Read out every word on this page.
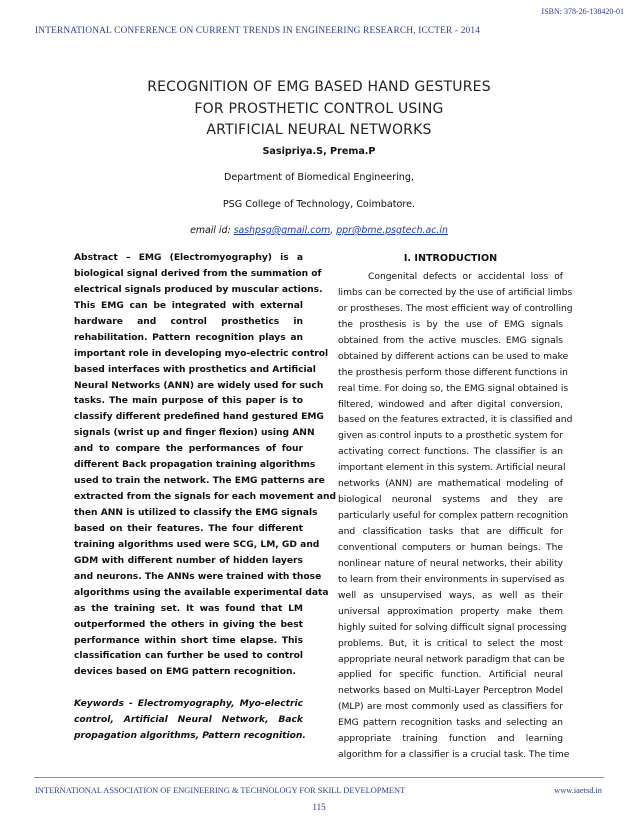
ISBN: 378-26-138420-01
INTERNATIONAL CONFERENCE ON CURRENT TRENDS IN ENGINEERING RESEARCH, ICCTER - 2014
RECOGNITION OF EMG BASED HAND GESTURES
FOR PROSTHETIC CONTROL USING
ARTIFICIAL NEURAL NETWORKS
Sasipriya.S, Prema.P
Department of Biomedical Engineering,
PSG College of Technology, Coimbatore.
email id: sashpsg@gmail.com, ppr@bme.psgtech.ac.in
Abstract – EMG (Electromyography) is a
biological signal derived from the summation of
electrical signals produced by muscular actions.
This EMG can be integrated with external
hardware and control prosthetics in
rehabilitation. Pattern recognition plays an
important role in developing myo-electric control
based interfaces with prosthetics and Artificial
Neural Networks (ANN) are widely used for such
tasks. The main purpose of this paper is to
classify different predefined hand gestured EMG
signals (wrist up and finger flexion) using ANN
and to compare the performances of four
different Back propagation training algorithms
used to train the network. The EMG patterns are
extracted from the signals for each movement and
then ANN is utilized to classify the EMG signals
based on their features. The four different
training algorithms used were SCG, LM, GD and
GDM with different number of hidden layers
and neurons. The ANNs were trained with those
algorithms using the available experimental data
as the training set. It was found that LM
outperformed the others in giving the best
performance within short time elapse. This
classification can further be used to control
devices based on EMG pattern recognition.
Keywords - Electromyography, Myo-electric
control, Artificial Neural Network, Back
propagation algorithms, Pattern recognition.
I. INTRODUCTION
Congenital defects or accidental loss of
limbs can be corrected by the use of artificial limbs
or prostheses. The most efficient way of controlling
the prosthesis is by the use of EMG signals
obtained from the active muscles. EMG signals
obtained by different actions can be used to make
the prosthesis perform those different functions in
real time. For doing so, the EMG signal obtained is
filtered, windowed and after digital conversion,
based on the features extracted, it is classified and
given as control inputs to a prosthetic system for
activating correct functions. The classifier is an
important element in this system. Artificial neural
networks (ANN) are mathematical modeling of
biological neuronal systems and they are
particularly useful for complex pattern recognition
and classification tasks that are difficult for
conventional computers or human beings. The
nonlinear nature of neural networks, their ability
to learn from their environments in supervised as
well as unsupervised ways, as well as their
universal approximation property make them
highly suited for solving difficult signal processing
problems. But, it is critical to select the most
appropriate neural network paradigm that can be
applied for specific function. Artificial neural
networks based on Multi-Layer Perceptron Model
(MLP) are most commonly used as classifiers for
EMG pattern recognition tasks and selecting an
appropriate training function and learning
algorithm for a classifier is a crucial task. The time
INTERNATIONAL ASSOCIATION OF ENGINEERING & TECHNOLOGY FOR SKILL DEVELOPMENT	www.iaetsd.in
115
